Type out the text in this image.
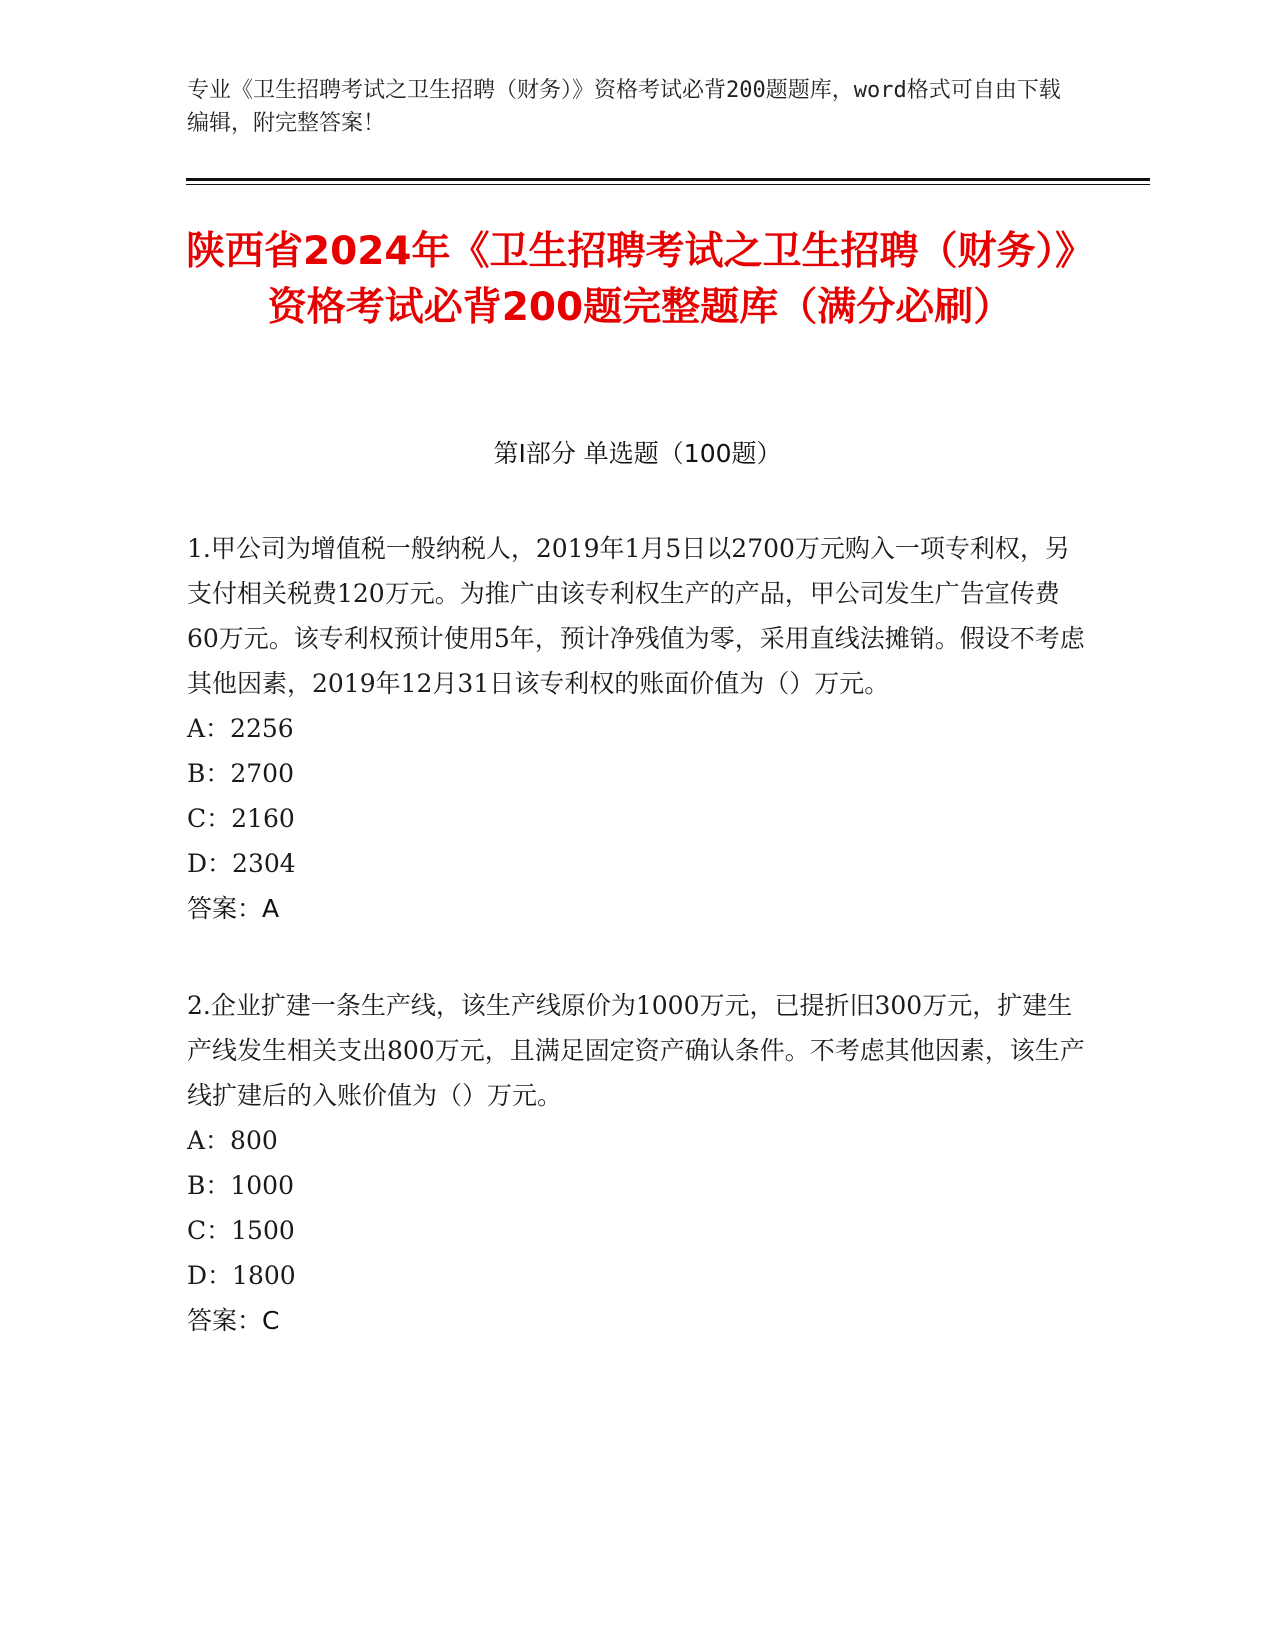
专业《卫生招聘考试之卫生招聘（财务）》资格考试必背200题题库，word格式可自由下载编辑，附完整答案！
陕西省2024年《卫生招聘考试之卫生招聘（财务）》资格考试必背200题完整题库（满分必刷）
第I部分 单选题（100题）

1.甲公司为增值税一般纳税人，2019年1月5日以2700万元购入一项专利权，另支付相关税费120万元。为推广由该专利权生产的产品，甲公司发生广告宣传费60万元。该专利权预计使用5年，预计净残值为零，采用直线法摊销。假设不考虑其他因素，2019年12月31日该专利权的账面价值为（）万元。

A：2256

B：2700

C：2160

D：2304

答案：A

2.企业扩建一条生产线，该生产线原价为1000万元，已提折旧300万元，扩建生产线发生相关支出800万元，且满足固定资产确认条件。不考虑其他因素，该生产线扩建后的入账价值为（）万元。

A：800

B：1000

C：1500

D：1800

答案：C
